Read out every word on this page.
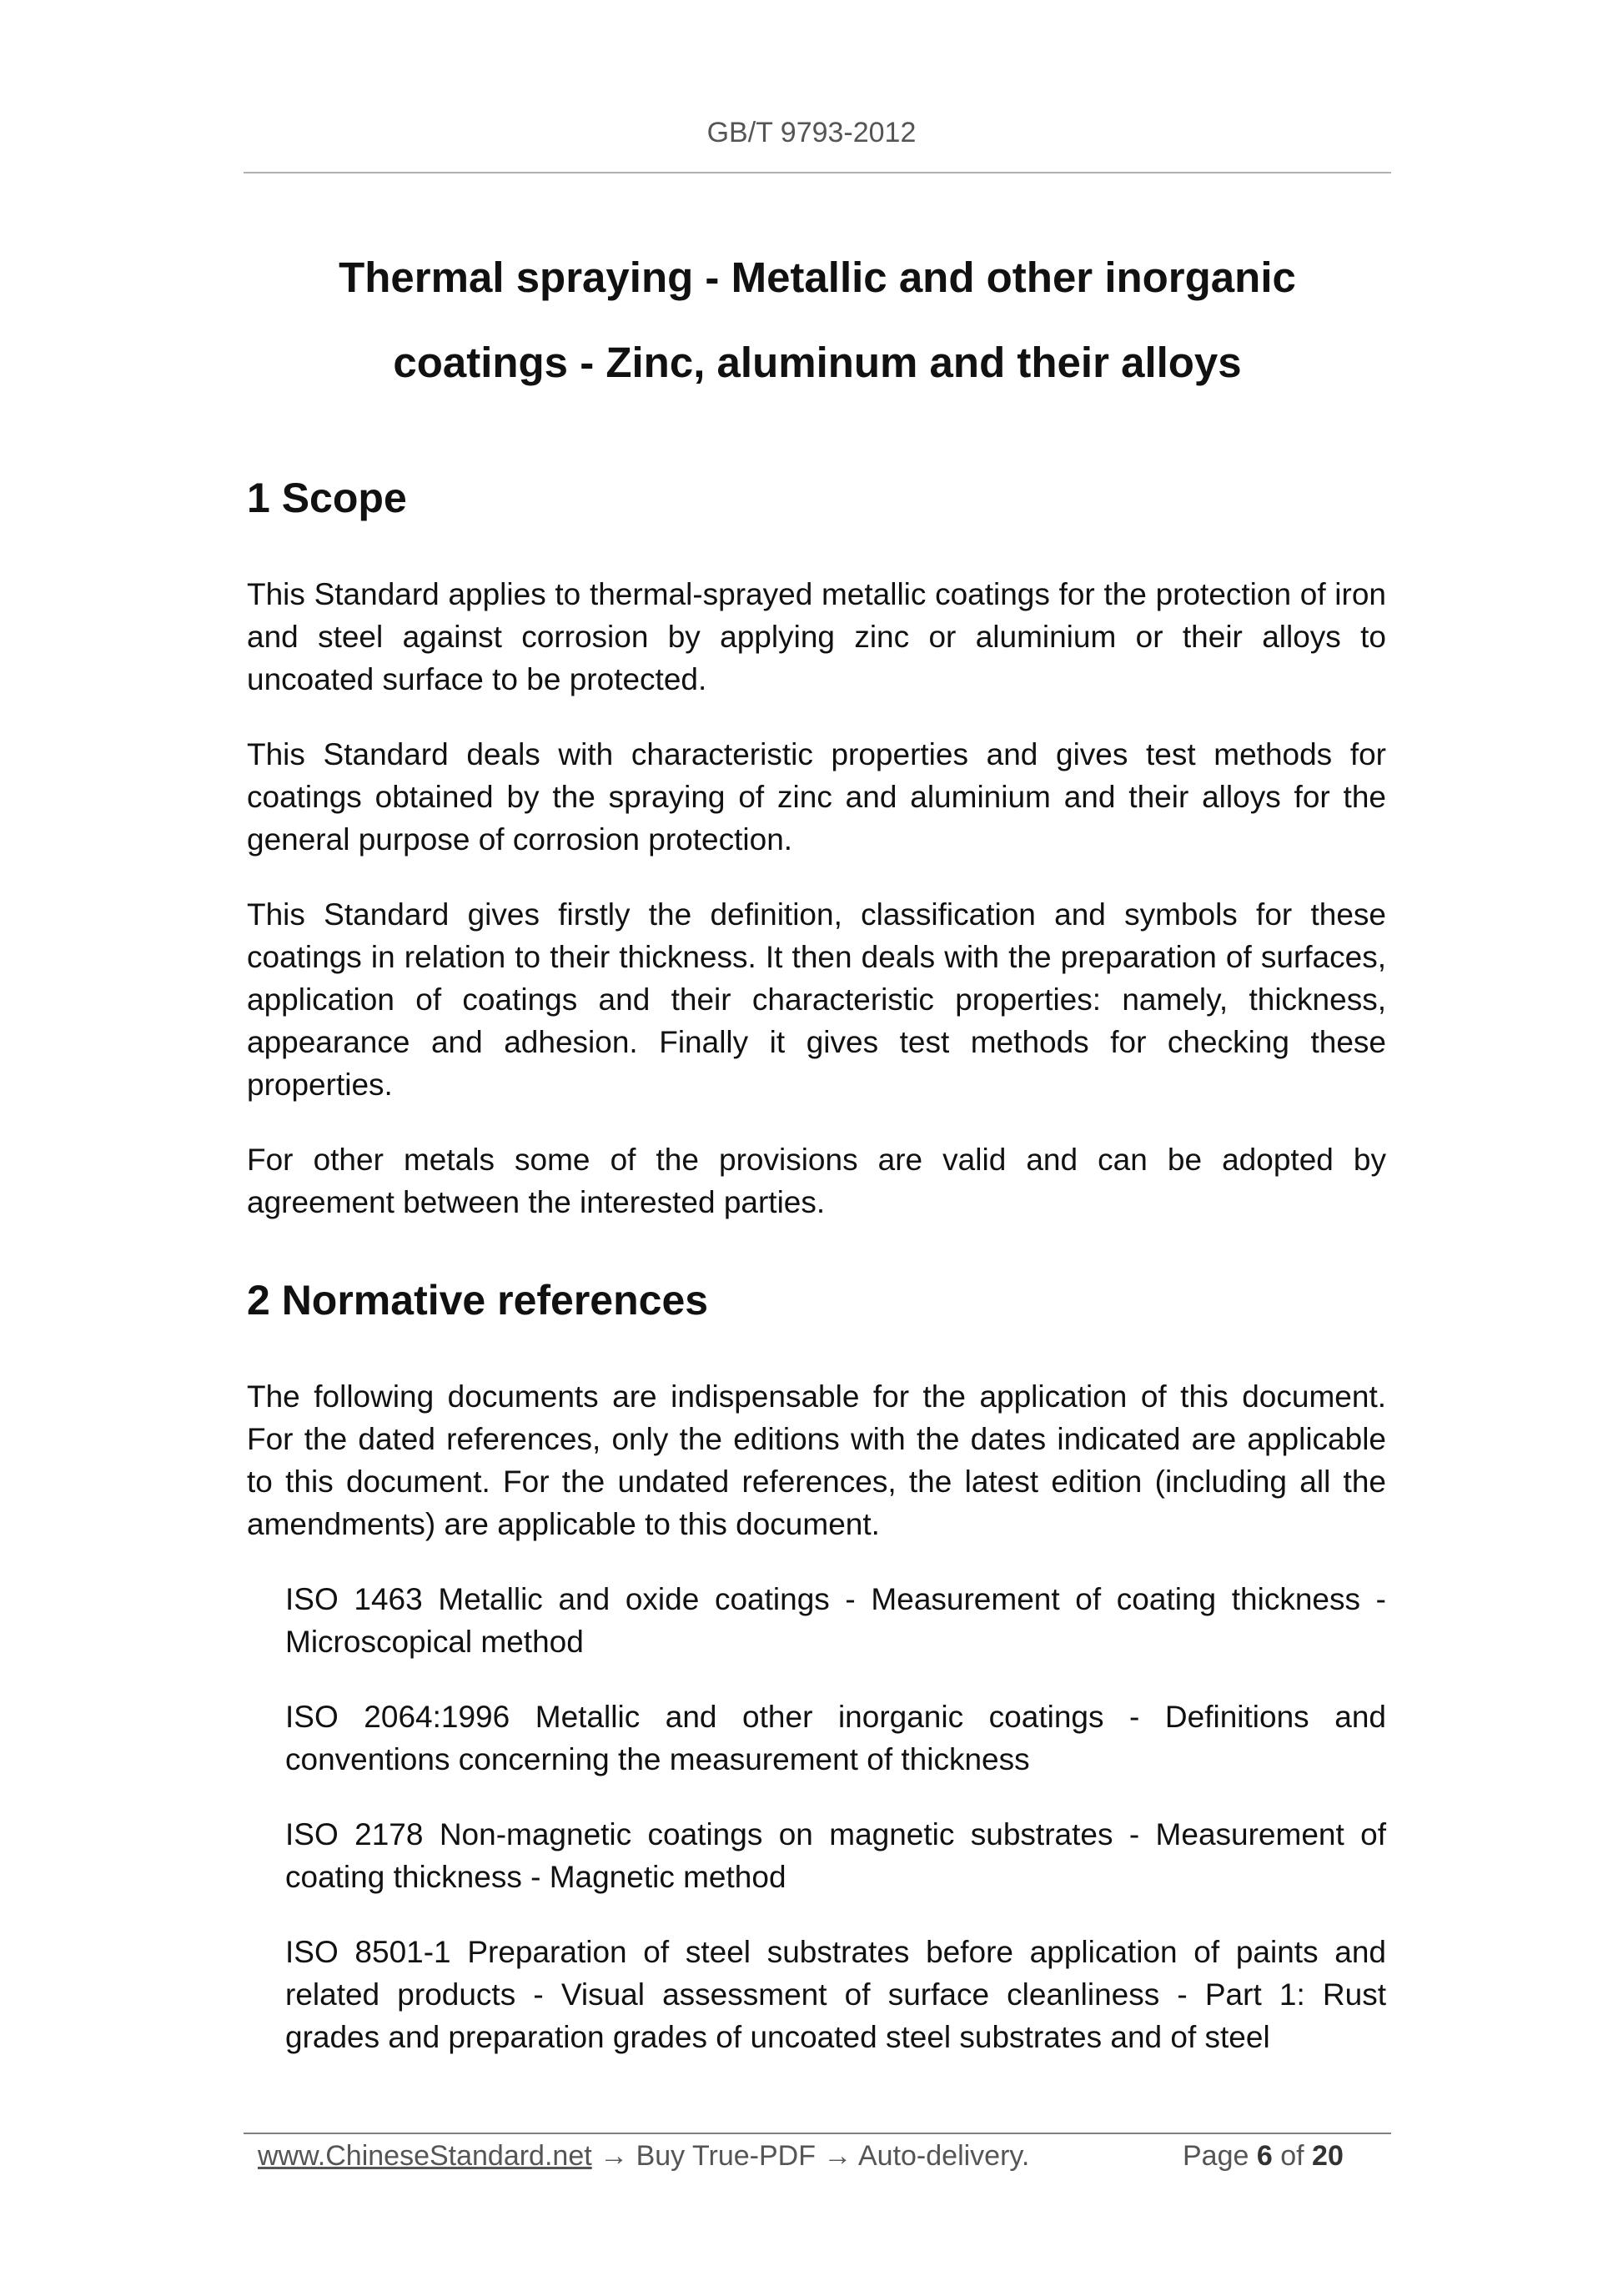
GB/T 9793-2012
Thermal spraying - Metallic and other inorganic
coatings - Zinc, aluminum and their alloys
1 Scope

This Standard applies to thermal-sprayed metallic coatings for the protection of iron and steel against corrosion by applying zinc or aluminium or their alloys to uncoated surface to be protected.

This Standard deals with characteristic properties and gives test methods for coatings obtained by the spraying of zinc and aluminium and their alloys for the general purpose of corrosion protection.

This Standard gives firstly the definition, classification and symbols for these coatings in relation to their thickness. It then deals with the preparation of surfaces, application of coatings and their characteristic properties: namely, thickness, appearance and adhesion. Finally it gives test methods for checking these properties.

For other metals some of the provisions are valid and can be adopted by agreement between the interested parties.

2 Normative references

The following documents are indispensable for the application of this document. For the dated references, only the editions with the dates indicated are applicable to this document. For the undated references, the latest edition (including all the amendments) are applicable to this document.

ISO 1463 Metallic and oxide coatings - Measurement of coating thickness - Microscopical method

ISO 2064:1996 Metallic and other inorganic coatings - Definitions and conventions concerning the measurement of thickness

ISO 2178 Non-magnetic coatings on magnetic substrates - Measurement of coating thickness - Magnetic method

ISO 8501-1 Preparation of steel substrates before application of paints and related products - Visual assessment of surface cleanliness - Part 1: Rust grades and preparation grades of uncoated steel substrates and of steel

www.ChineseStandard.net → Buy True-PDF → Auto-delivery.	Page 6 of 20
